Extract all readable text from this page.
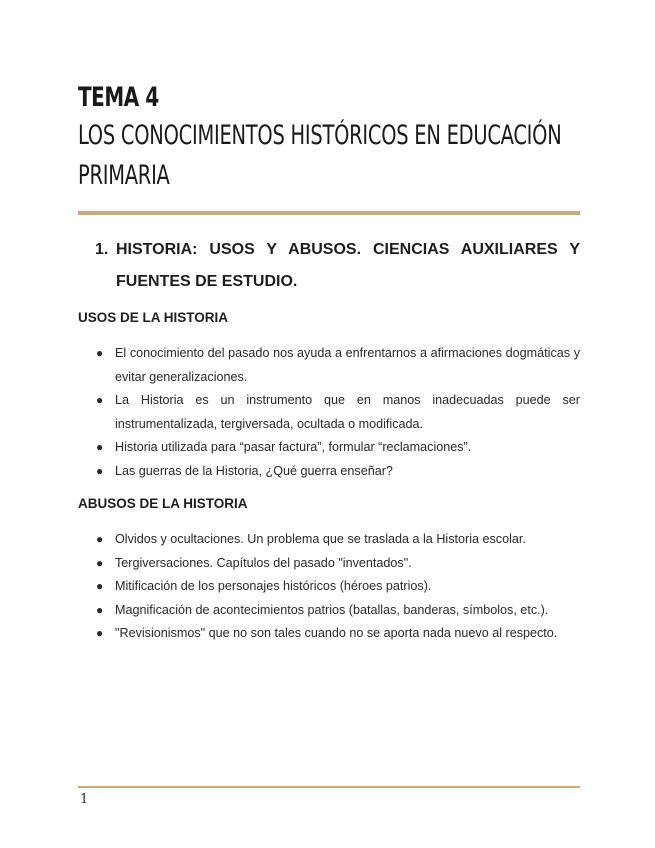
TEMA 4
LOS CONOCIMIENTOS HISTÓRICOS EN EDUCACIÓN PRIMARIA
1. HISTORIA: USOS Y ABUSOS. CIENCIAS AUXILIARES Y FUENTES DE ESTUDIO.
USOS DE LA HISTORIA
● El conocimiento del pasado nos ayuda a enfrentarnos a afirmaciones dogmáticas y evitar generalizaciones.
● La Historia es un instrumento que en manos inadecuadas puede ser instrumentalizada, tergiversada, ocultada o modificada.
● Historia utilizada para “pasar factura”, formular “reclamaciones”.
● Las guerras de la Historia, ¿Qué guerra enseñar?
ABUSOS DE LA HISTORIA
● Olvidos y ocultaciones. Un problema que se traslada a la Historia escolar.
● Tergiversaciones. Capítulos del pasado "inventados".
● Mitificación de los personajes históricos (héroes patrios).
● Magnificación de acontecimientos patrios (batallas, banderas, símbolos, etc.).
● "Revisionismos" que no son tales cuando no se aporta nada nuevo al respecto.
1
